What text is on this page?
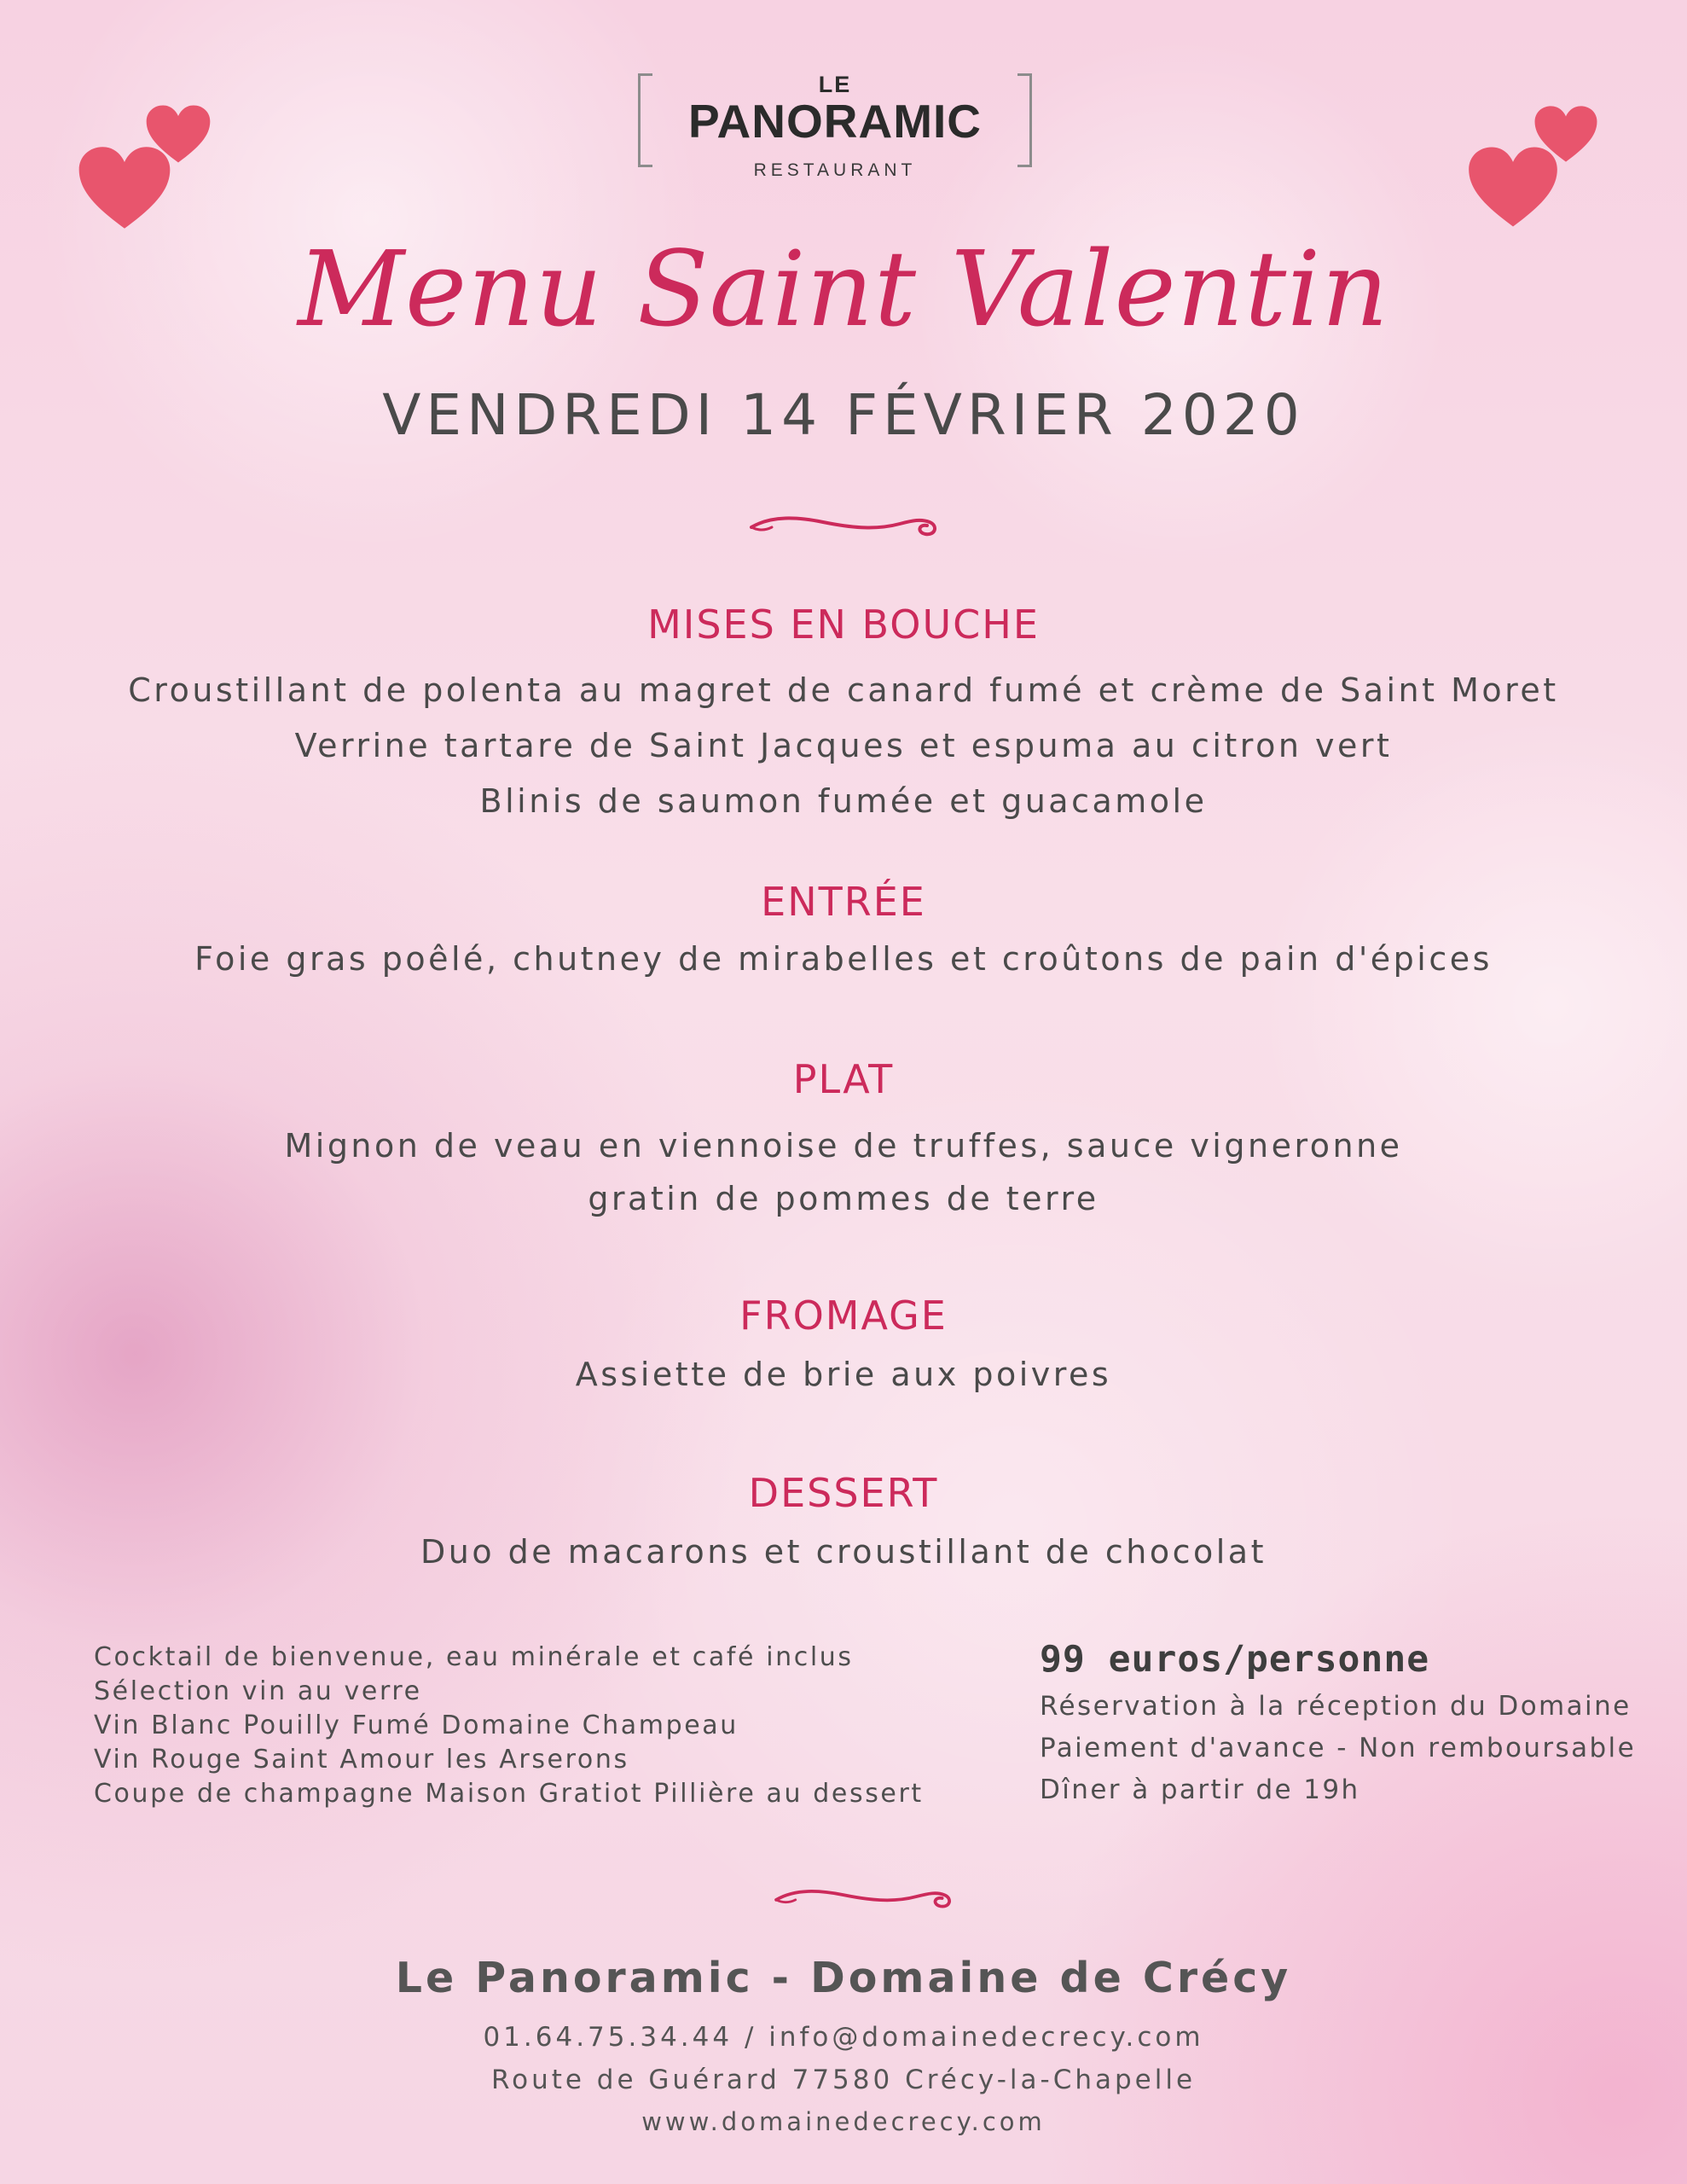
LE
PANORAMIC
RESTAURANT
Menu Saint Valentin
VENDREDI 14 FÉVRIER 2020
MISES EN BOUCHE
Croustillant de polenta au magret de canard fumé et crème de Saint Moret
Verrine tartare de Saint Jacques et espuma au citron vert
Blinis de saumon fumée et guacamole
ENTRÉE
Foie gras poêlé, chutney de mirabelles et croûtons de pain d'épices
PLAT
Mignon de veau en viennoise de truffes, sauce vigneronne
gratin de pommes de terre
FROMAGE
Assiette de brie aux poivres
DESSERT
Duo de macarons et croustillant de chocolat
Cocktail de bienvenue, eau minérale et café inclus
Sélection vin au verre
Vin Blanc Pouilly Fumé Domaine Champeau
Vin Rouge Saint Amour les Arserons
Coupe de champagne Maison Gratiot Pillière au dessert
99 euros/personne
Réservation à la réception du Domaine
Paiement d'avance - Non remboursable
Dîner à partir de 19h
Le Panoramic - Domaine de Crécy
01.64.75.34.44 / info@domainedecrecy.com
Route de Guérard 77580 Crécy-la-Chapelle
www.domainedecrecy.com
